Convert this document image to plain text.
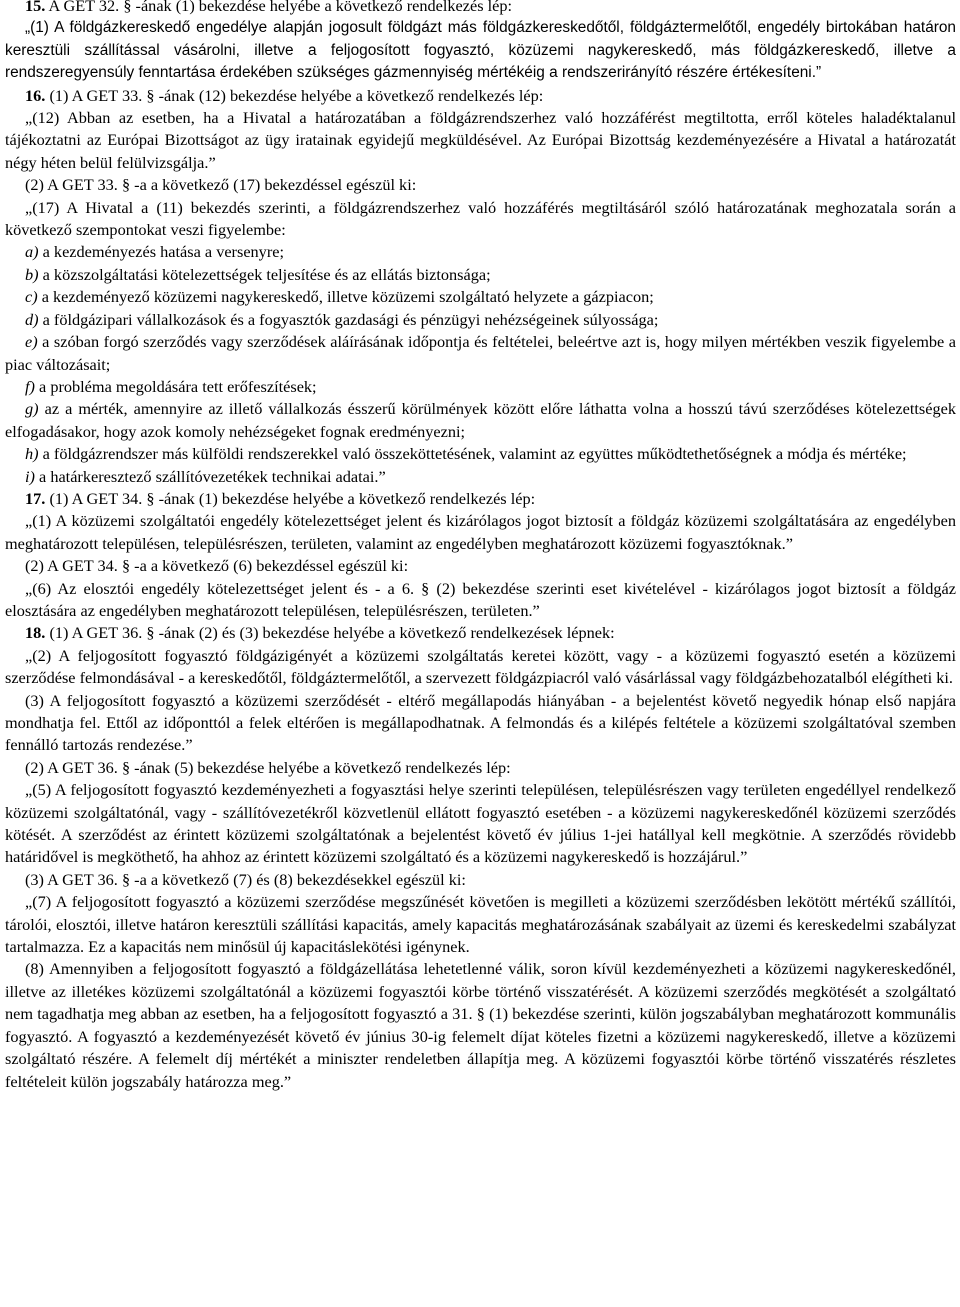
15. A GET 32. § -ának (1) bekezdése helyébe a következő rendelkezés lép:

„(1) A földgázkereskedő engedélye alapján jogosult földgázt más földgázkereskedőtől, földgáztermelőtől, engedély birtokában határon keresztüli szállítással vásárolni, illetve a feljogosított fogyasztó, közüzemi nagykereskedő, más földgázkereskedő, illetve a rendszeregyensúly fenntartása érdekében szükséges gázmennyiség mértékéig a rendszerirányító részére értékesíteni.”

16. (1) A GET 33. § -ának (12) bekezdése helyébe a következő rendelkezés lép:

„(12) Abban az esetben, ha a Hivatal a határozatában a földgázrendszerhez való hozzáférést megtiltotta, erről köteles haladéktalanul tájékoztatni az Európai Bizottságot az ügy iratainak egyidejű megküldésével. Az Európai Bizottság kezdeményezésére a Hivatal a határozatát négy héten belül felülvizsgálja.”

(2) A GET 33. § -a a következő (17) bekezdéssel egészül ki:

„(17) A Hivatal a (11) bekezdés szerinti, a földgázrendszerhez való hozzáférés megtiltásáról szóló határozatának meghozatala során a következő szempontokat veszi figyelembe:

a) a kezdeményezés hatása a versenyre;

b) a közszolgáltatási kötelezettségek teljesítése és az ellátás biztonsága;

c) a kezdeményező közüzemi nagykereskedő, illetve közüzemi szolgáltató helyzete a gázpiacon;

d) a földgázipari vállalkozások és a fogyasztók gazdasági és pénzügyi nehézségeinek súlyossága;

e) a szóban forgó szerződés vagy szerződések aláírásának időpontja és feltételei, beleértve azt is, hogy milyen mértékben veszik figyelembe a piac változásait;

f) a probléma megoldására tett erőfeszítések;

g) az a mérték, amennyire az illető vállalkozás ésszerű körülmények között előre láthatta volna a hosszú távú szerződéses kötelezettségek elfogadásakor, hogy azok komoly nehézségeket fognak eredményezni;

h) a földgázrendszer más külföldi rendszerekkel való összeköttetésének, valamint az együttes működtethetőségnek a módja és mértéke;

i) a határkeresztező szállítóvezetékek technikai adatai.”

17. (1) A GET 34. § -ának (1) bekezdése helyébe a következő rendelkezés lép:

„(1) A közüzemi szolgáltatói engedély kötelezettséget jelent és kizárólagos jogot biztosít a földgáz közüzemi szolgáltatására az engedélyben meghatározott településen, településrészen, területen, valamint az engedélyben meghatározott közüzemi fogyasztóknak.”

(2) A GET 34. § -a a következő (6) bekezdéssel egészül ki:

„(6) Az elosztói engedély kötelezettséget jelent és - a 6. § (2) bekezdése szerinti eset kivételével - kizárólagos jogot biztosít a földgáz elosztására az engedélyben meghatározott településen, településrészen, területen.”

18. (1) A GET 36. § -ának (2) és (3) bekezdése helyébe a következő rendelkezések lépnek:

„(2) A feljogosított fogyasztó földgázigényét a közüzemi szolgáltatás keretei között, vagy - a közüzemi fogyasztó esetén a közüzemi szerződése felmondásával - a kereskedőtől, földgáztermelőtől, a szervezett földgázpiacról való vásárlással vagy földgázbehozatalból elégítheti ki.

(3) A feljogosított fogyasztó a közüzemi szerződését - eltérő megállapodás hiányában - a bejelentést követő negyedik hónap első napjára mondhatja fel. Ettől az időponttól a felek eltérően is megállapodhatnak. A felmondás és a kilépés feltétele a közüzemi szolgáltatóval szemben fennálló tartozás rendezése.”

(2) A GET 36. § -ának (5) bekezdése helyébe a következő rendelkezés lép:

„(5) A feljogosított fogyasztó kezdeményezheti a fogyasztási helye szerinti településen, településrészen vagy területen engedéllyel rendelkező közüzemi szolgáltatónál, vagy - szállítóvezetékről közvetlenül ellátott fogyasztó esetében - a közüzemi nagykereskedőnél közüzemi szerződés kötését. A szerződést az érintett közüzemi szolgáltatónak a bejelentést követő év július 1-jei hatállyal kell megkötnie. A szerződés rövidebb határidővel is megköthető, ha ahhoz az érintett közüzemi szolgáltató és a közüzemi nagykereskedő is hozzájárul.”

(3) A GET 36. § -a a következő (7) és (8) bekezdésekkel egészül ki:

„(7) A feljogosított fogyasztó a közüzemi szerződése megszűnését követően is megilleti a közüzemi szerződésben lekötött mértékű szállítói, tárolói, elosztói, illetve határon keresztüli szállítási kapacitás, amely kapacitás meghatározásának szabályait az üzemi és kereskedelmi szabályzat tartalmazza. Ez a kapacitás nem minősül új kapacitáslekötési igénynek.

(8) Amennyiben a feljogosított fogyasztó a földgázellátása lehetetlenné válik, soron kívül kezdeményezheti a közüzemi nagykereskedőnél, illetve az illetékes közüzemi szolgáltatónál a közüzemi fogyasztói körbe történő visszatérését. A közüzemi szerződés megkötését a szolgáltató nem tagadhatja meg abban az esetben, ha a feljogosított fogyasztó a 31. § (1) bekezdése szerinti, külön jogszabályban meghatározott kommunális fogyasztó. A fogyasztó a kezdeményezését követő év június 30-ig felemelt díjat köteles fizetni a közüzemi nagykereskedő, illetve a közüzemi szolgáltató részére. A felemelt díj mértékét a miniszter rendeletben állapítja meg. A közüzemi fogyasztói körbe történő visszatérés részletes feltételeit külön jogszabály határozza meg.”
